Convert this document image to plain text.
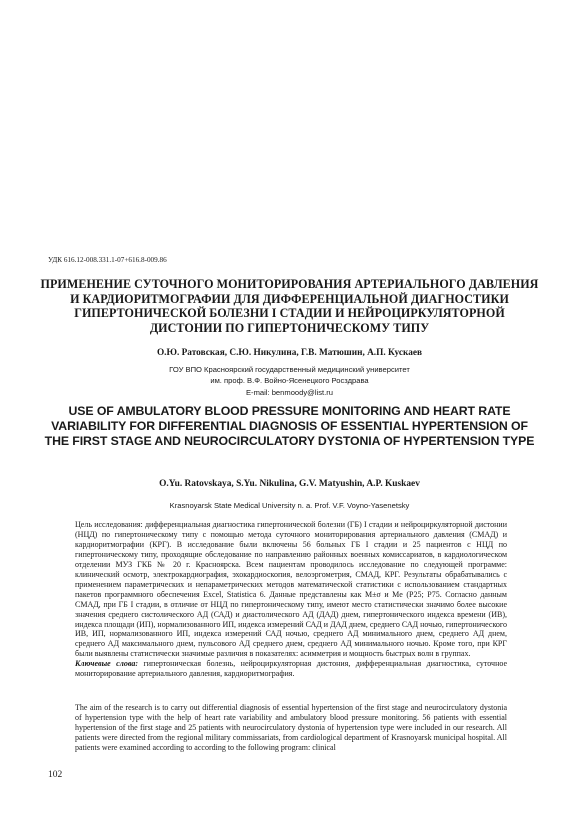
УДК 616.12-008.331.1-07+616.8-009.86
ПРИМЕНЕНИЕ СУТОЧНОГО МОНИТОРИРОВАНИЯ АРТЕРИАЛЬНОГО ДАВЛЕНИЯ И КАРДИОРИТМОГРАФИИ ДЛЯ ДИФФЕРЕНЦИАЛЬНОЙ ДИАГНОСТИКИ ГИПЕРТОНИЧЕСКОЙ БОЛЕЗНИ I СТАДИИ И НЕЙРОЦИРКУЛЯТОРНОЙ ДИСТОНИИ ПО ГИПЕРТОНИЧЕСКОМУ ТИПУ
О.Ю. Ратовская, С.Ю. Никулина, Г.В. Матюшин, А.П. Кускаев
ГОУ ВПО Красноярский государственный медицинский университет
им. проф. В.Ф. Войно-Ясенецкого Росздрава
E-mail: benmoody@list.ru
USE OF AMBULATORY BLOOD PRESSURE MONITORING AND HEART RATE VARIABILITY FOR DIFFERENTIAL DIAGNOSIS OF ESSENTIAL HYPERTENSION OF THE FIRST STAGE AND NEUROCIRCULATORY DYSTONIA OF HYPERTENSION TYPE
O.Yu. Ratovskaya, S.Yu. Nikulina, G.V. Matyushin, A.P. Kuskaev
Krasnoyarsk State Medical University n. a. Prof. V.F. Voyno-Yasenetsky
Цель исследования: дифференциальная диагностика гипертонической болезни (ГБ) I стадии и нейроциркуляторной дистонии (НЦД) по гипертоническому типу с помощью метода суточного мониторирования артериального давления (СМАД) и кардиоритмографии (КРГ). В исследование были включены 56 больных ГБ I стадии и 25 пациентов с НЦД по гипертоническому типу, проходящие обследование по направлению районных военных комиссариатов, в кардиологическом отделении МУЗ ГКБ № 20 г. Красноярска. Всем пациентам проводилось исследование по следующей программе: клинический осмотр, электрокардиография, эхокардиоскопия, велоэргометрия, СМАД, КРГ. Результаты обрабатывались с применением параметрических и непараметрических методов математической статистики с использованием стандартных пакетов программного обеспечения Excel, Statistica 6. Данные представлены как M±σ и Me (P25; P75. Согласно данным СМАД, при ГБ I стадии, в отличие от НЦД по гипертоническому типу, имеют место статистически значимо более высокие значения среднего систолического АД (САД) и диастолического АД (ДАД) днем, гипертонического индекса времени (ИВ), индекса площади (ИП), нормализованного ИП, индекса измерений САД и ДАД днем, среднего САД ночью, гипертонического ИВ, ИП, нормализованного ИП, индекса измерений САД ночью, среднего АД минимального днем, среднего АД днем, среднего АД максимального днем, пульсового АД среднего днем, среднего АД минимального ночью. Кроме того, при КРГ были выявлены статистически значимые различия в показателях: асимметрия и мощность быстрых волн в группах.
Ключевые слова: гипертоническая болезнь, нейроциркуляторная дистония, дифференциальная диагностика, суточное мониторирование артериального давления, кардиоритмография.
The aim of the research is to carry out differential diagnosis of essential hypertension of the first stage and neurocirculatory dystonia of hypertension type with the help of heart rate variability and ambulatory blood pressure monitoring. 56 patients with essential hypertension of the first stage and 25 patients with neurocirculatory dystonia of hypertension type were included in our research. All patients were directed from the regional military commissariats, from cardiological department of Krasnoyarsk municipal hospital. All patients were examined according to according to the following program: clinical
102
